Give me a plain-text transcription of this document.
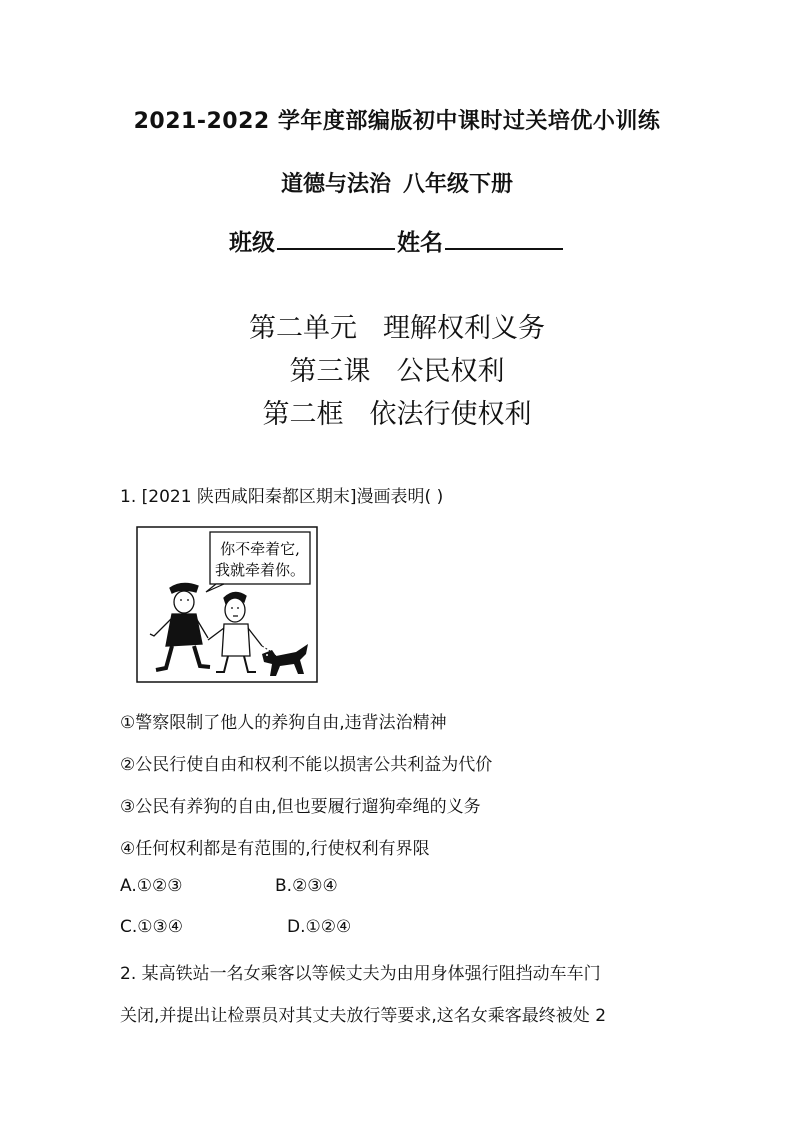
2021-2022 学年度部编版初中课时过关培优小训练
道德与法治 八年级下册
班级	姓名
第二单元 理解权利义务
第三课 公民权利
第二框 依法行使权利
1. [2021 陕西咸阳秦都区期末]漫画表明( )
你不牵着它,
我就牵着你。
①警察限制了他人的养狗自由,违背法治精神
②公民行使自由和权利不能以损害公共利益为代价
③公民有养狗的自由,但也要履行遛狗牵绳的义务
④任何权利都是有范围的,行使权利有界限
A.①②③	B.②③④
C.①③④	D.①②④
2. 某高铁站一名女乘客以等候丈夫为由用身体强行阻挡动车车门
关闭,并提出让检票员对其丈夫放行等要求,这名女乘客最终被处 2
